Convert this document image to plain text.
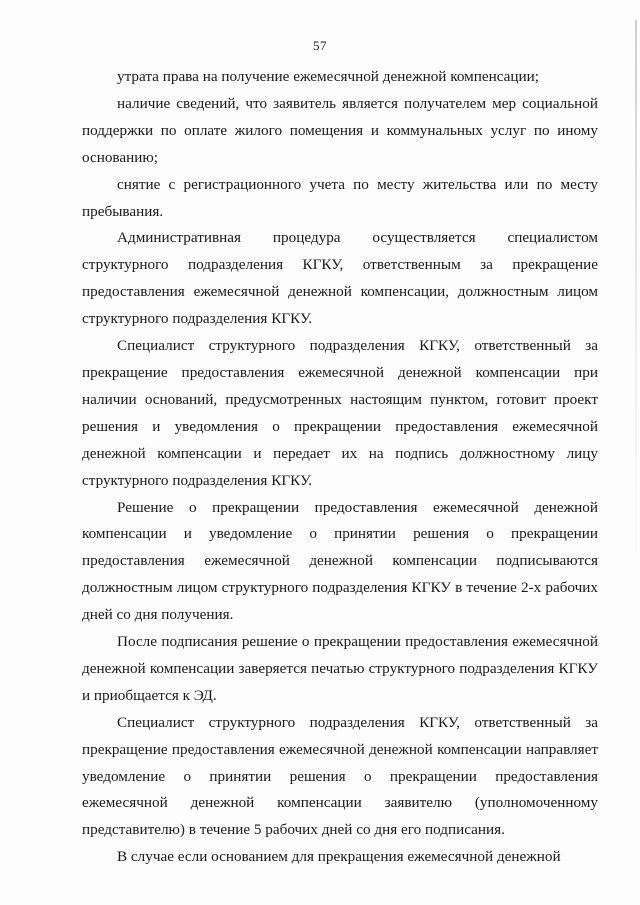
57

утрата права на получение ежемесячной денежной компенсации;

наличие сведений, что заявитель является получателем мер социальной поддержки по оплате жилого помещения и коммунальных услуг по иному основанию;

снятие с регистрационного учета по месту жительства или по месту пребывания.

Административная процедура осуществляется специалистом структурного подразделения КГКУ, ответственным за прекращение предоставления ежемесячной денежной компенсации, должностным лицом структурного подразделения КГКУ.

Специалист структурного подразделения КГКУ, ответственный за прекращение предоставления ежемесячной денежной компенсации при наличии оснований, предусмотренных настоящим пунктом, готовит проект решения и уведомления о прекращении предоставления ежемесячной денежной компенсации и передает их на подпись должностному лицу структурного подразделения КГКУ.

Решение о прекращении предоставления ежемесячной денежной компенсации и уведомление о принятии решения о прекращении предоставления ежемесячной денежной компенсации подписываются должностным лицом структурного подразделения КГКУ в течение 2-х рабочих дней со дня получения.

После подписания решение о прекращении предоставления ежемесячной денежной компенсации заверяется печатью структурного подразделения КГКУ и приобщается к ЭД.

Специалист структурного подразделения КГКУ, ответственный за прекращение предоставления ежемесячной денежной компенсации направляет уведомление о принятии решения о прекращении предоставления ежемесячной денежной компенсации заявителю (уполномоченному представителю) в течение 5 рабочих дней со дня его подписания.

В случае если основанием для прекращения ежемесячной денежной
